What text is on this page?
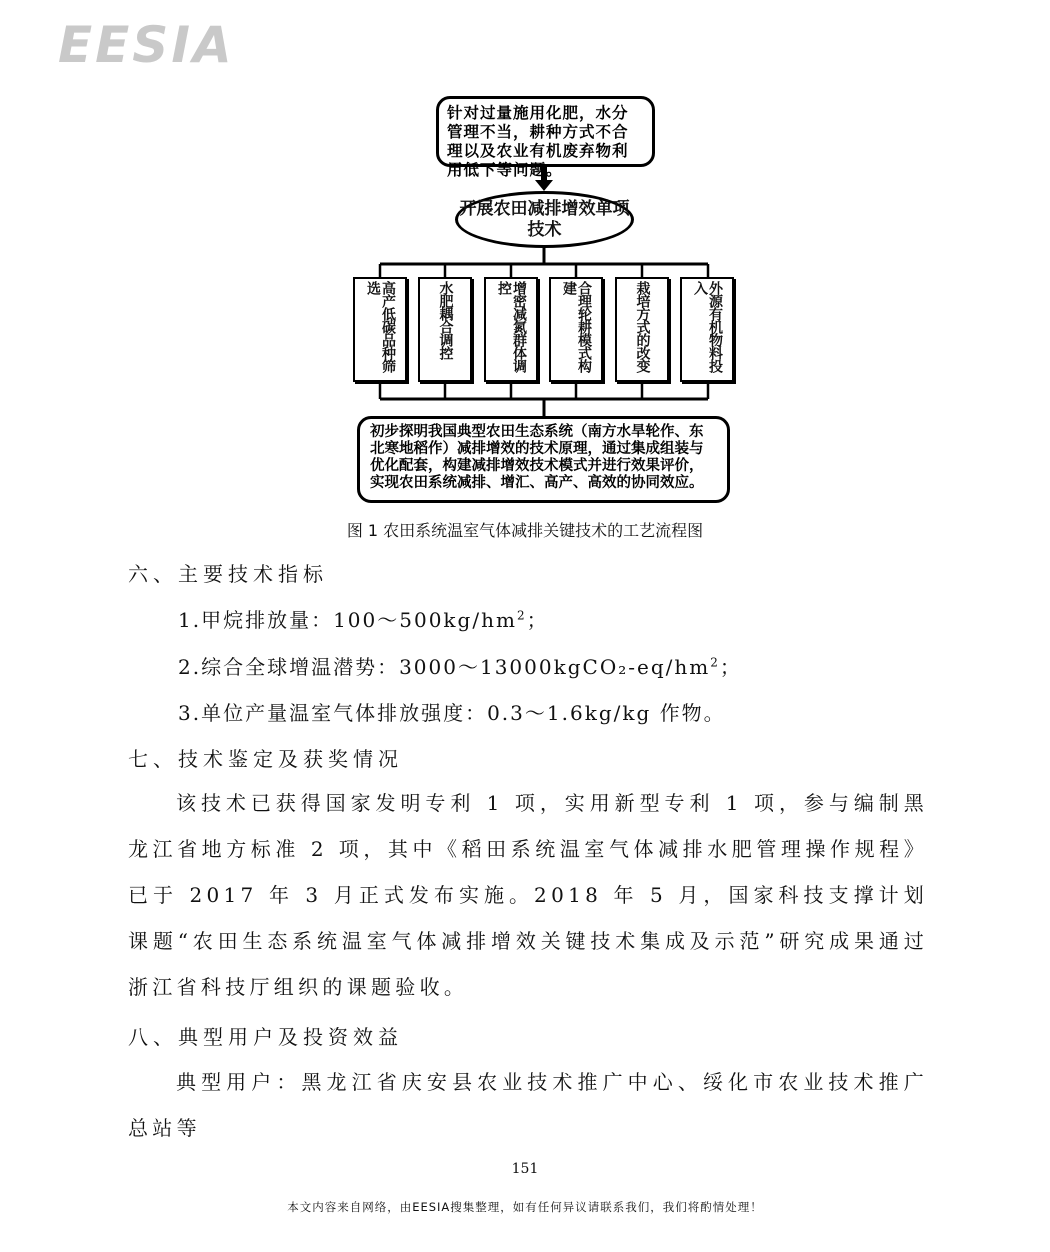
EESIA
针对过量施用化肥，水分管理不当，耕种方式不合理以及农业有机废弃物利用低下等问题。
开展农田减排增效单项技术
高产低碳品种筛选	水肥耦合调控	增密减氮群体调控	合理轮耕模式构建	栽培方式的改变	外源有机物料投入
初步探明我国典型农田生态系统（南方水旱轮作、东北寒地稻作）减排增效的技术原理，通过集成组装与优化配套，构建减排增效技术模式并进行效果评价，实现农田系统减排、增汇、高产、高效的协同效应。
图 1 农田系统温室气体减排关键技术的工艺流程图
六、主要技术指标
1.甲烷排放量：$100\sim 500kg/hm^2$；
2.综合全球增温潜势：$3000\sim 13000kgCO_2-eq/hm^2$；
3.单位产量温室气体排放强度：0.3～1.6kg/kg 作物。
七、技术鉴定及获奖情况
该技术已获得国家发明专利 1 项，实用新型专利 1 项，参与编制黑龙江省地方标准 2 项，其中《稻田系统温室气体减排水肥管理操作规程》已于 2017 年 3 月正式发布实施。2018 年 5 月，国家科技支撑计划课题“农田生态系统温室气体减排增效关键技术集成及示范”研究成果通过浙江省科技厅组织的课题验收。
八、典型用户及投资效益
典型用户：黑龙江省庆安县农业技术推广中心、绥化市农业技术推广总站等
151
本文内容来自网络，由EESIA搜集整理，如有任何异议请联系我们，我们将酌情处理！
